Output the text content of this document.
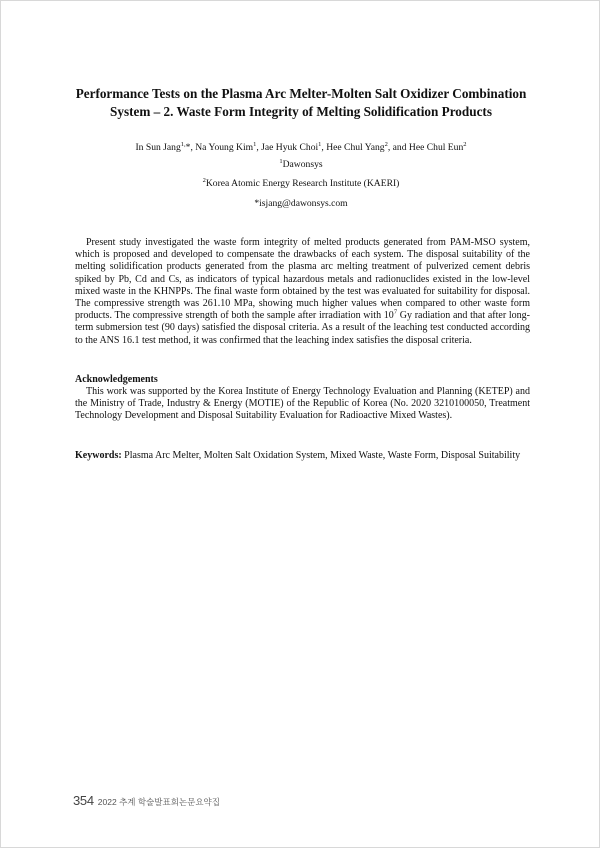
Performance Tests on the Plasma Arc Melter-Molten Salt Oxidizer Combination
System – 2. Waste Form Integrity of Melting Solidification Products
In Sun Jang$^{1,}$*, Na Young Kim$^1$, Jae Hyuk Choi$^1$, Hee Chul Yang$^2$, and Hee Chul Eun$^2$
$^1$Dawonsys
$^2$Korea Atomic Energy Research Institute (KAERI)
*isjang@dawonsys.com

Present study investigated the waste form integrity of melted products generated from PAM-MSO system, which is proposed and developed to compensate the drawbacks of each system. The disposal suitability of the melting solidification products generated from the plasma arc melting treatment of pulverized cement debris spiked by Pb, Cd and Cs, as indicators of typical hazardous metals and radionuclides existed in the low-level mixed waste in the KHNPPs. The final waste form obtained by the test was evaluated for suitability for disposal. The compressive strength was 261.10 MPa, showing much higher values when compared to other waste form products. The compressive strength of both the sample after irradiation with $10^7$ Gy radiation and that after long-term submersion test (90 days) satisfied the disposal criteria. As a result of the leaching test conducted according to the ANS 16.1 test method, it was confirmed that the leaching index satisfies the disposal criteria.

Acknowledgements

This work was supported by the Korea Institute of Energy Technology Evaluation and Planning (KETEP) and the Ministry of Trade, Industry & Energy (MOTIE) of the Republic of Korea (No. 2020 3210100050, Treatment Technology Development and Disposal Suitability Evaluation for Radioactive Mixed Wastes).

Keywords: Plasma Arc Melter, Molten Salt Oxidation System, Mixed Waste, Waste Form, Disposal Suitability

354 2022 추계 학술발표회논문요약집
